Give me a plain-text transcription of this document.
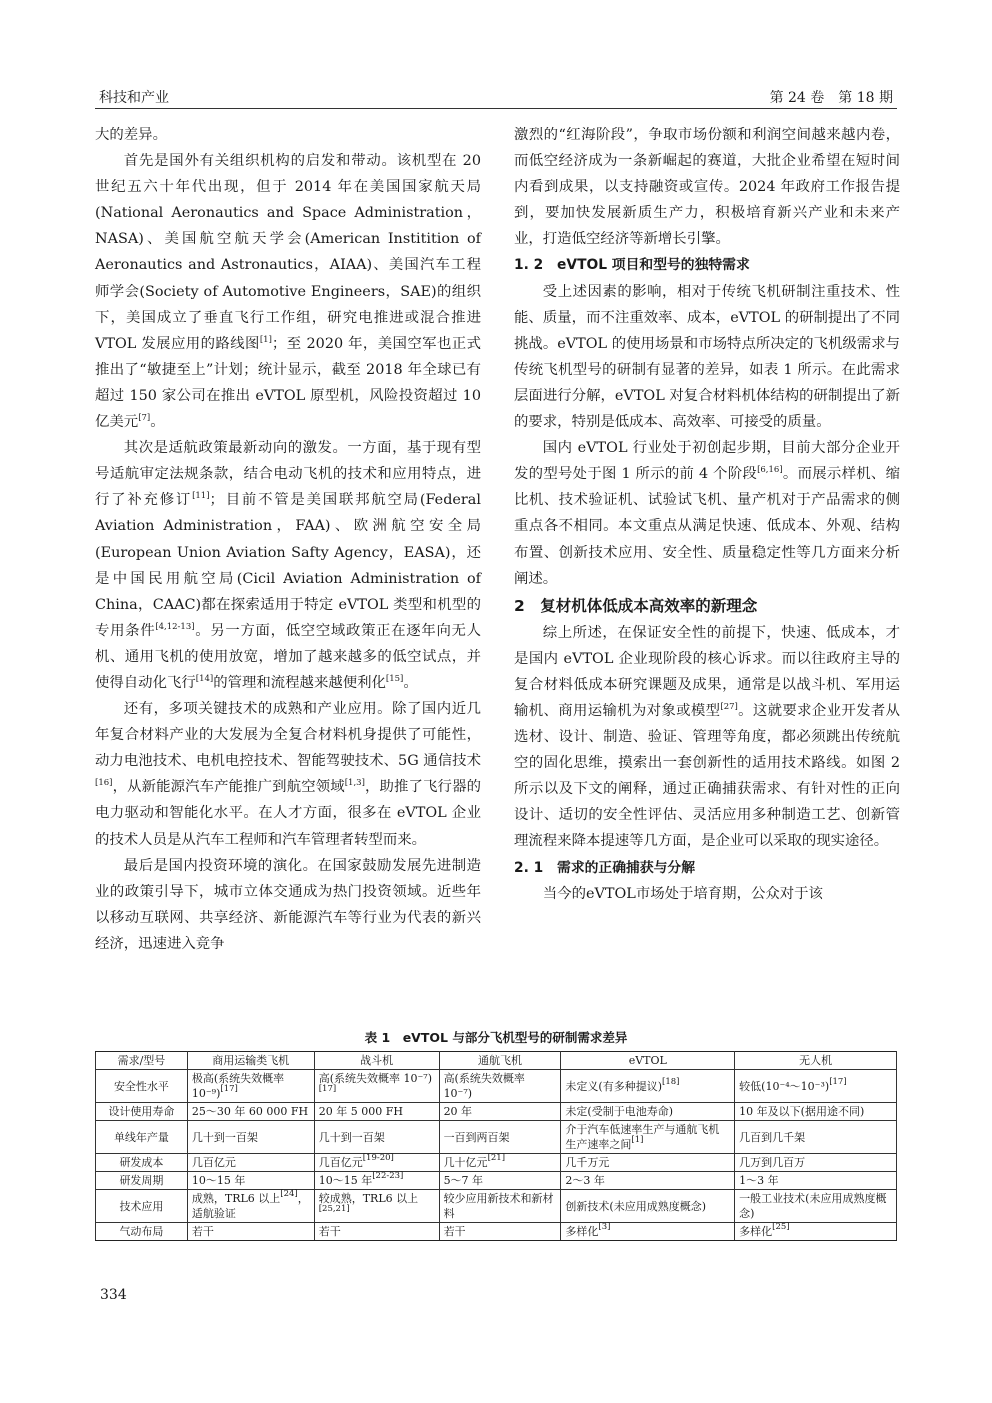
科技和产业	第 24 卷　第 18 期

大的差异。

首先是国外有关组织机构的启发和带动。该机型在 20 世纪五六十年代出现，但于 2014 年在美国国家航天局(National Aeronautics and Space Administration，NASA)、美国航空航天学会(American Institition of Aeronautics and Astronautics，AIAA)、美国汽车工程师学会(Society of Automotive Engineers，SAE)的组织下，美国成立了垂直飞行工作组，研究电推进或混合推进 VTOL 发展应用的路线图[1]；至 2020 年，美国空军也正式推出了“敏捷至上”计划；统计显示，截至 2018 年全球已有超过 150 家公司在推出 eVTOL 原型机，风险投资超过 10 亿美元[7]。

其次是适航政策最新动向的激发。一方面，基于现有型号适航审定法规条款，结合电动飞机的技术和应用特点，进行了补充修订[11]；目前不管是美国联邦航空局(Federal Aviation Administration，FAA)、欧洲航空安全局(European Union Aviation Safty Agency，EASA)，还是中国民用航空局(Cicil Aviation Administration of China，CAAC)都在探索适用于特定 eVTOL 类型和机型的专用条件[4,12-13]。另一方面，低空空域政策正在逐年向无人机、通用飞机的使用放宽，增加了越来越多的低空试点，并使得自动化飞行[14]的管理和流程越来越便利化[15]。

还有，多项关键技术的成熟和产业应用。除了国内近几年复合材料产业的大发展为全复合材料机身提供了可能性，动力电池技术、电机电控技术、智能驾驶技术、5G 通信技术[16]，从新能源汽车产能推广到航空领域[1,3]，助推了飞行器的电力驱动和智能化水平。在人才方面，很多在 eVTOL 企业的技术人员是从汽车工程师和汽车管理者转型而来。

最后是国内投资环境的演化。在国家鼓励发展先进制造业的政策引导下，城市立体交通成为热门投资领域。近些年以移动互联网、共享经济、新能源汽车等行业为代表的新兴经济，迅速进入竞争

激烈的“红海阶段”，争取市场份额和利润空间越来越内卷，而低空经济成为一条新崛起的赛道，大批企业希望在短时间内看到成果，以支持融资或宣传。2024 年政府工作报告提到，要加快发展新质生产力，积极培育新兴产业和未来产业，打造低空经济等新增长引擎。

1. 2　eVTOL 项目和型号的独特需求

受上述因素的影响，相对于传统飞机研制注重技术、性能、质量，而不注重效率、成本，eVTOL 的研制提出了不同挑战。eVTOL 的使用场景和市场特点所决定的飞机级需求与传统飞机型号的研制有显著的差异，如表 1 所示。在此需求层面进行分解，eVTOL 对复合材料机体结构的研制提出了新的要求，特别是低成本、高效率、可接受的质量。

国内 eVTOL 行业处于初创起步期，目前大部分企业开发的型号处于图 1 所示的前 4 个阶段[6,16]。而展示样机、缩比机、技术验证机、试验试飞机、量产机对于产品需求的侧重点各不相同。本文重点从满足快速、低成本、外观、结构布置、创新技术应用、安全性、质量稳定性等几方面来分析阐述。

2　复材机体低成本高效率的新理念

综上所述，在保证安全性的前提下，快速、低成本，才是国内 eVTOL 企业现阶段的核心诉求。而以往政府主导的复合材料低成本研究课题及成果，通常是以战斗机、军用运输机、商用运输机为对象或模型[27]。这就要求企业开发者从选材、设计、制造、验证、管理等角度，都必须跳出传统航空的固化思维，摸索出一套创新性的适用技术路线。如图 2 所示以及下文的阐释，通过正确捕获需求、有针对性的正向设计、适切的安全性评估、灵活应用多种制造工艺、创新管理流程来降本提速等几方面，是企业可以采取的现实途径。

2. 1　需求的正确捕获与分解

当今的eVTOL市场处于培育期，公众对于该

表 1　eVTOL 与部分飞机型号的研制需求差异
需求/型号	商用运输类飞机	战斗机	通航飞机	eVTOL	无人机
安全性水平	极高(系统失效概率 10⁻⁹)[17]	高(系统失效概率 10⁻⁷)[17]	高(系统失效概率 10⁻⁷)	未定义(有多种提议)[18]	较低(10⁻⁴～10⁻³)[17]
设计使用寿命	25～30 年 60 000 FH	20 年 5 000 FH	20 年	未定(受制于电池寿命)	10 年及以下(据用途不同)
单线年产量	几十到一百架	几十到一百架	一百到两百架	介于汽车低速率生产与通航飞机生产速率之间[1]	几百到几千架
研发成本	几百亿元	几百亿元[19-20]	几十亿元[21]	几千万元	几万到几百万
研发周期	10～15 年	10～15 年[22-23]	5～7 年	2～3 年	1～3 年
技术应用	成熟，TRL6 以上[24]，适航验证	较成熟，TRL6 以上[25,21]	较少应用新技术和新材料	创新技术(未应用成熟度概念)	一般工业技术(未应用成熟度概念)
气动布局	若干	若干	若干	多样化[3]	多样化[25]
334
